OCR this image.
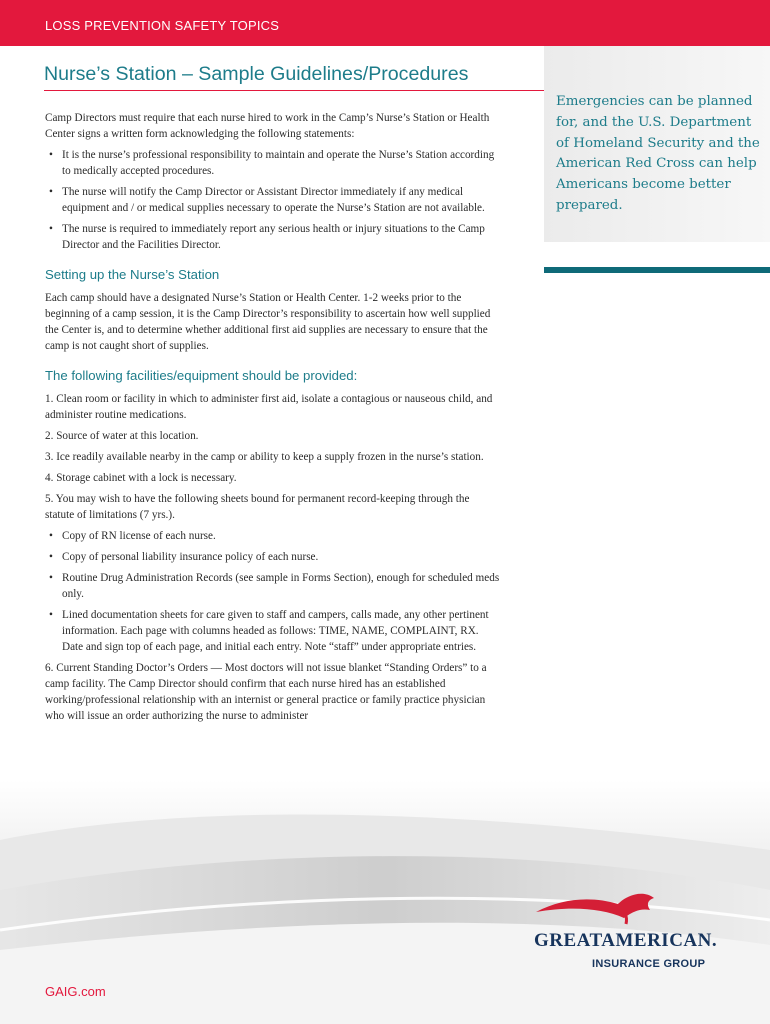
LOSS PREVENTION SAFETY TOPICS
Emergencies can be planned for, and the U.S. Department of Homeland Security and the American Red Cross can help Americans become better prepared.
Nurse’s Station – Sample Guidelines/Procedures

Camp Directors must require that each nurse hired to work in the Camp’s Nurse’s Station or Health Center signs a written form acknowledging the following statements:

• It is the nurse’s professional responsibility to maintain and operate the Nurse’s Station according to medically accepted procedures.
• The nurse will notify the Camp Director or Assistant Director immediately if any medical equipment and / or medical supplies necessary to operate the Nurse’s Station are not available.
• The nurse is required to immediately report any serious health or injury situations to the Camp Director and the Facilities Director.
Setting up the Nurse’s Station

Each camp should have a designated Nurse’s Station or Health Center. 1-2 weeks prior to the beginning of a camp session, it is the Camp Director’s responsibility to ascertain how well supplied the Center is, and to determine whether additional first aid supplies are necessary to ensure that the camp is not caught short of supplies.

The following facilities/equipment should be provided:

1. Clean room or facility in which to administer first aid, isolate a contagious or nauseous child, and administer routine medications.

2. Source of water at this location.

3. Ice readily available nearby in the camp or ability to keep a supply frozen in the nurse’s station.

4. Storage cabinet with a lock is necessary.

5. You may wish to have the following sheets bound for permanent record-keeping through the statute of limitations (7 yrs.).

• Copy of RN license of each nurse.
• Copy of personal liability insurance policy of each nurse.
• Routine Drug Administration Records (see sample in Forms Section), enough for scheduled meds only.
• Lined documentation sheets for care given to staff and campers, calls made, any other pertinent information. Each page with columns headed as follows: TIME, NAME, COMPLAINT, RX. Date and sign top of each page, and initial each entry. Note “staff” under appropriate entries.

6. Current Standing Doctor’s Orders — Most doctors will not issue blanket “Standing Orders” to a camp facility. The Camp Director should confirm that each nurse hired has an established working/professional relationship with an internist or general practice or family practice physician who will issue an order authorizing the nurse to administer

GREATAMERICAN.
INSURANCE GROUP
GAIG.com
